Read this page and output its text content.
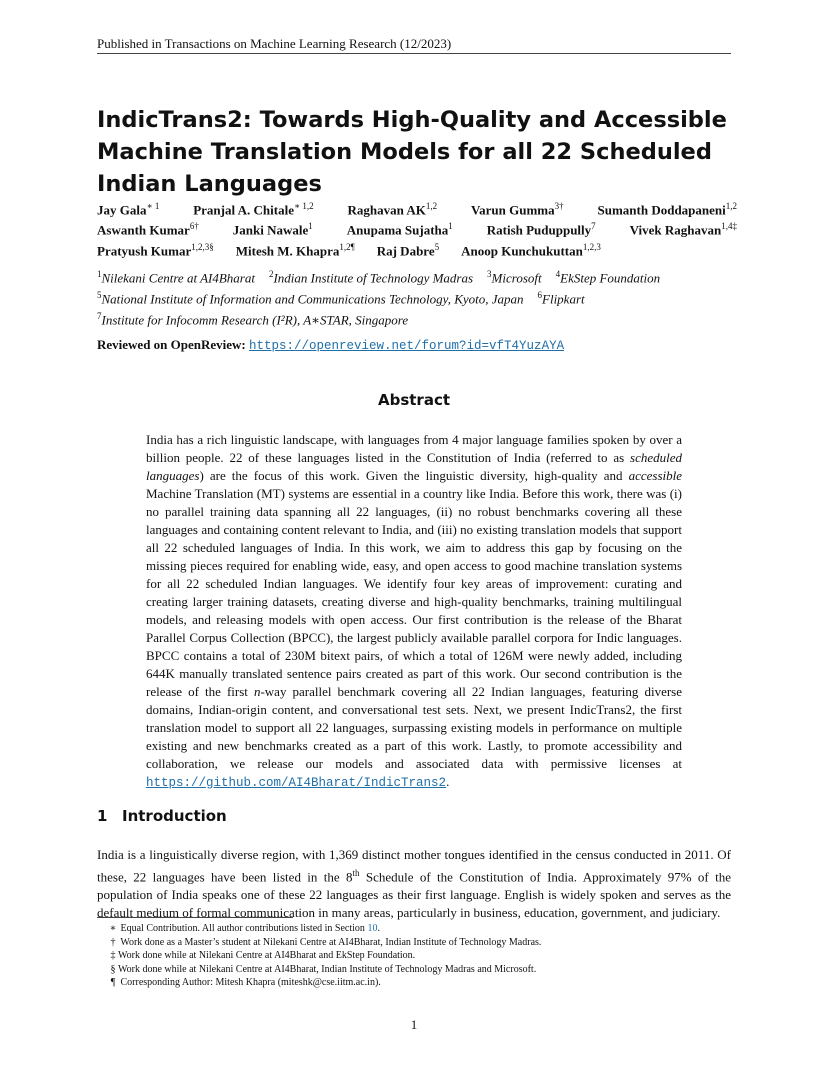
Published in Transactions on Machine Learning Research (12/2023)
IndicTrans2: Towards High-Quality and Accessible Machine Translation Models for all 22 Scheduled Indian Languages
Jay Gala$^{∗ 1}$	Pranjal A. Chitale$^{∗ 1,2}$	Raghavan AK$^{1,2}$	Varun Gumma$^{3\dagger}$	Sumanth Doddapaneni$^{1,2}$
Aswanth Kumar$^{6\dagger}$	Janki Nawale$^1$	Anupama Sujatha$^1$	Ratish Puduppully$^7$	Vivek Raghavan$^{1,4\ddagger}$
Pratyush Kumar$^{1,2,3\S}$ Mitesh M. Khapra$^{1,2\P}$ Raj Dabre$^5$ Anoop Kunchukuttan$^{1,2,3}$
$^1$Nilekani Centre at AI4Bharat $^2$Indian Institute of Technology Madras $^3$Microsoft $^4$EkStep Foundation
$^5$National Institute of Information and Communications Technology, Kyoto, Japan $^6$Flipkart
$^7$Institute for Infocomm Research (I²R), A∗STAR, Singapore
Reviewed on OpenReview: https://openreview.net/forum?id=vfT4YuzAYA
Abstract

India has a rich linguistic landscape, with languages from 4 major language families spoken by over a billion people. 22 of these languages listed in the Constitution of India (referred to as scheduled languages) are the focus of this work. Given the linguistic diversity, high-quality and accessible Machine Translation (MT) systems are essential in a country like India. Before this work, there was (i) no parallel training data spanning all 22 languages, (ii) no robust benchmarks covering all these languages and containing content relevant to India, and (iii) no existing translation models that support all 22 scheduled languages of India. In this work, we aim to address this gap by focusing on the missing pieces required for enabling wide, easy, and open access to good machine translation systems for all 22 scheduled Indian languages. We identify four key areas of improvement: curating and creating larger training datasets, creating diverse and high-quality benchmarks, training multilingual models, and releasing models with open access. Our first contribution is the release of the Bharat Parallel Corpus Collection (BPCC), the largest publicly available parallel corpora for Indic languages. BPCC contains a total of 230M bitext pairs, of which a total of 126M were newly added, including 644K manually translated sentence pairs created as part of this work. Our second contribution is the release of the first n-way parallel benchmark covering all 22 Indian languages, featuring diverse domains, Indian-origin content, and conversational test sets. Next, we present IndicTrans2, the first translation model to support all 22 languages, surpassing existing models in performance on multiple existing and new benchmarks created as a part of this work. Lastly, to promote accessibility and collaboration, we release our models and associated data with permissive licenses at https://github.com/AI4Bharat/IndicTrans2.

1 Introduction

India is a linguistically diverse region, with 1,369 distinct mother tongues identified in the census conducted in 2011. Of these, 22 languages have been listed in the 8th Schedule of the Constitution of India. Approximately 97% of the population of India speaks one of these 22 languages as their first language. English is widely spoken and serves as the default medium of formal communication in many areas, particularly in business, education, government, and judiciary.

∗ Equal Contribution. All author contributions listed in Section 10.
† Work done as a Master’s student at Nilekani Centre at AI4Bharat, Indian Institute of Technology Madras.
‡ Work done while at Nilekani Centre at AI4Bharat and EkStep Foundation.
§ Work done while at Nilekani Centre at AI4Bharat, Indian Institute of Technology Madras and Microsoft.
¶ Corresponding Author: Mitesh Khapra (miteshk@cse.iitm.ac.in).
1
